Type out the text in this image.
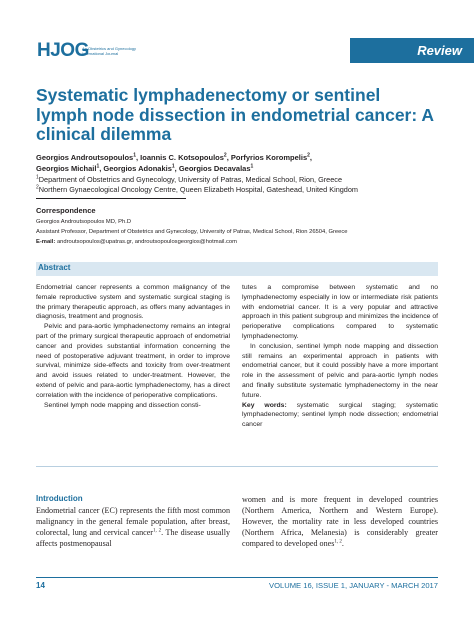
HJOG
An Obstetrics and Gynecology
International Journal	Review
Systematic lymphadenectomy or sentinel lymph node dissection in endometrial cancer: A clinical dilemma
Georgios Androutsopoulos$^1$, Ioannis C. Kotsopoulos$^2$, Porfyrios Korompelis$^2$,
Georgios Michail$^1$, Georgios Adonakis$^1$, Georgios Decavalas$^1$
$^1$Department of Obstetrics and Gynecology, University of Patras, Medical School, Rion, Greece
$^2$Northern Gynaecological Oncology Centre, Queen Elizabeth Hospital, Gateshead, United Kingdom
Correspondence
Georgios Androutsopoulos MD, Ph.D
Assistant Professor, Department of Obstetrics and Gynecology, University of Patras, Medical School, Rion 26504, Greece
E-mail: androutsopoulos@upatras.gr, androutsopoulosgeorgios@hotmail.com
Abstract

Endometrial cancer represents a common malignancy of the female reproductive system and systematic surgical staging is the primary therapeutic approach, as offers many advantages in diagnosis, treatment and prognosis.

Pelvic and para-aortic lymphadenectomy remains an integral part of the primary surgical therapeutic approach of endometrial cancer and provides substantial information concerning the need of postoperative adjuvant treatment, in order to improve survival, minimize side-effects and toxicity from over-treatment and avoid issues related to under-treatment. However, the extend of pelvic and para-aortic lymphadenectomy, has a direct correlation with the incidence of perioperative complications.

Sentinel lymph node mapping and dissection consti-

tutes a compromise between systematic and no lymphadenectomy especially in low or intermediate risk patients with endometrial cancer. It is a very popular and attractive approach in this patient subgroup and minimizes the incidence of perioperative complications compared to systematic lymphadenectomy.

In conclusion, sentinel lymph node mapping and dissection still remains an experimental approach in patients with endometrial cancer, but it could possibly have a more important role in the assessment of pelvic and para-aortic lymph nodes and finally substitute systematic lymphadenectomy in the near future.

Key words: systematic surgical staging; systematic lymphadenectomy; sentinel lymph node dissection; endometrial cancer

Introduction
Endometrial cancer (EC) represents the fifth most common malignancy in the general female population, after breast, colorectal, lung and cervical cancer$^{1, 2}$. The disease usually affects postmenopausal
women and is more frequent in developed countries (Northern America, Northern and Western Europe). However, the mortality rate in less developed countries (Northern Africa, Melanesia) is considerably greater compared to developed ones$^{1, 2}$.
14	VOLUME 16, ISSUE 1, JANUARY - MARCH 2017
